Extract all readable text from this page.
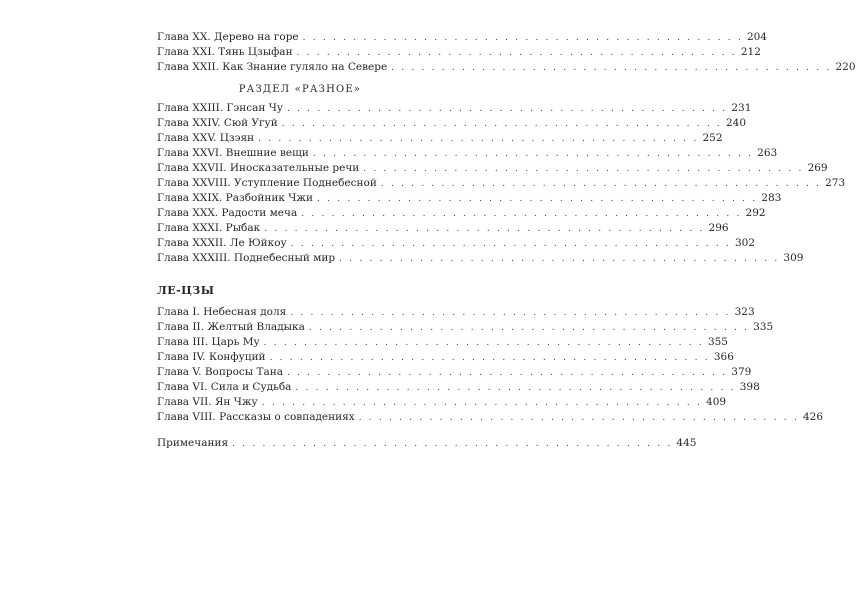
Глава XX. Дерево на горе . . . . . . . . . . . . . . . . . . . . . . . . . . . . . . . . . . . . . . . . . . . . 204
Глава XXI. Тянь Цзыфан . . . . . . . . . . . . . . . . . . . . . . . . . . . . . . . . . . . . . . . . . . . . 212
Глава XXII. Как Знание гуляло на Севере . . . . . . . . . . . . . . . . . . . . . . . . . . . . . . . . . . . . . . . . . . . . 220
РАЗДЕЛ «РАЗНОЕ»
Глава XXIII. Гэнсан Чу . . . . . . . . . . . . . . . . . . . . . . . . . . . . . . . . . . . . . . . . . . . . 231
Глава XXIV. Сюй Угуй . . . . . . . . . . . . . . . . . . . . . . . . . . . . . . . . . . . . . . . . . . . . 240
Глава XXV. Цзэян . . . . . . . . . . . . . . . . . . . . . . . . . . . . . . . . . . . . . . . . . . . . 252
Глава XXVI. Внешние вещи . . . . . . . . . . . . . . . . . . . . . . . . . . . . . . . . . . . . . . . . . . . . 263
Глава XXVII. Иносказательные речи . . . . . . . . . . . . . . . . . . . . . . . . . . . . . . . . . . . . . . . . . . . . 269
Глава XXVIII. Уступление Поднебесной . . . . . . . . . . . . . . . . . . . . . . . . . . . . . . . . . . . . . . . . . . . . 273
Глава XXIX. Разбойник Чжи . . . . . . . . . . . . . . . . . . . . . . . . . . . . . . . . . . . . . . . . . . . . 283
Глава XXX. Радости меча . . . . . . . . . . . . . . . . . . . . . . . . . . . . . . . . . . . . . . . . . . . . 292
Глава XXXI. Рыбак . . . . . . . . . . . . . . . . . . . . . . . . . . . . . . . . . . . . . . . . . . . . 296
Глава XXXII. Ле Юйкоу . . . . . . . . . . . . . . . . . . . . . . . . . . . . . . . . . . . . . . . . . . . . 302
Глава XXXIII. Поднебесный мир . . . . . . . . . . . . . . . . . . . . . . . . . . . . . . . . . . . . . . . . . . . . 309
ЛЕ-ЦЗЫ
Глава I. Небесная доля . . . . . . . . . . . . . . . . . . . . . . . . . . . . . . . . . . . . . . . . . . . . 323
Глава II. Желтый Владыка . . . . . . . . . . . . . . . . . . . . . . . . . . . . . . . . . . . . . . . . . . . . 335
Глава III. Царь Му . . . . . . . . . . . . . . . . . . . . . . . . . . . . . . . . . . . . . . . . . . . . 355
Глава IV. Конфуций . . . . . . . . . . . . . . . . . . . . . . . . . . . . . . . . . . . . . . . . . . . . 366
Глава V. Вопросы Тана . . . . . . . . . . . . . . . . . . . . . . . . . . . . . . . . . . . . . . . . . . . . 379
Глава VI. Сила и Судьба . . . . . . . . . . . . . . . . . . . . . . . . . . . . . . . . . . . . . . . . . . . . 398
Глава VII. Ян Чжу . . . . . . . . . . . . . . . . . . . . . . . . . . . . . . . . . . . . . . . . . . . . 409
Глава VIII. Рассказы о совпадениях . . . . . . . . . . . . . . . . . . . . . . . . . . . . . . . . . . . . . . . . . . . . 426
Примечания . . . . . . . . . . . . . . . . . . . . . . . . . . . . . . . . . . . . . . . . . . . . 445
